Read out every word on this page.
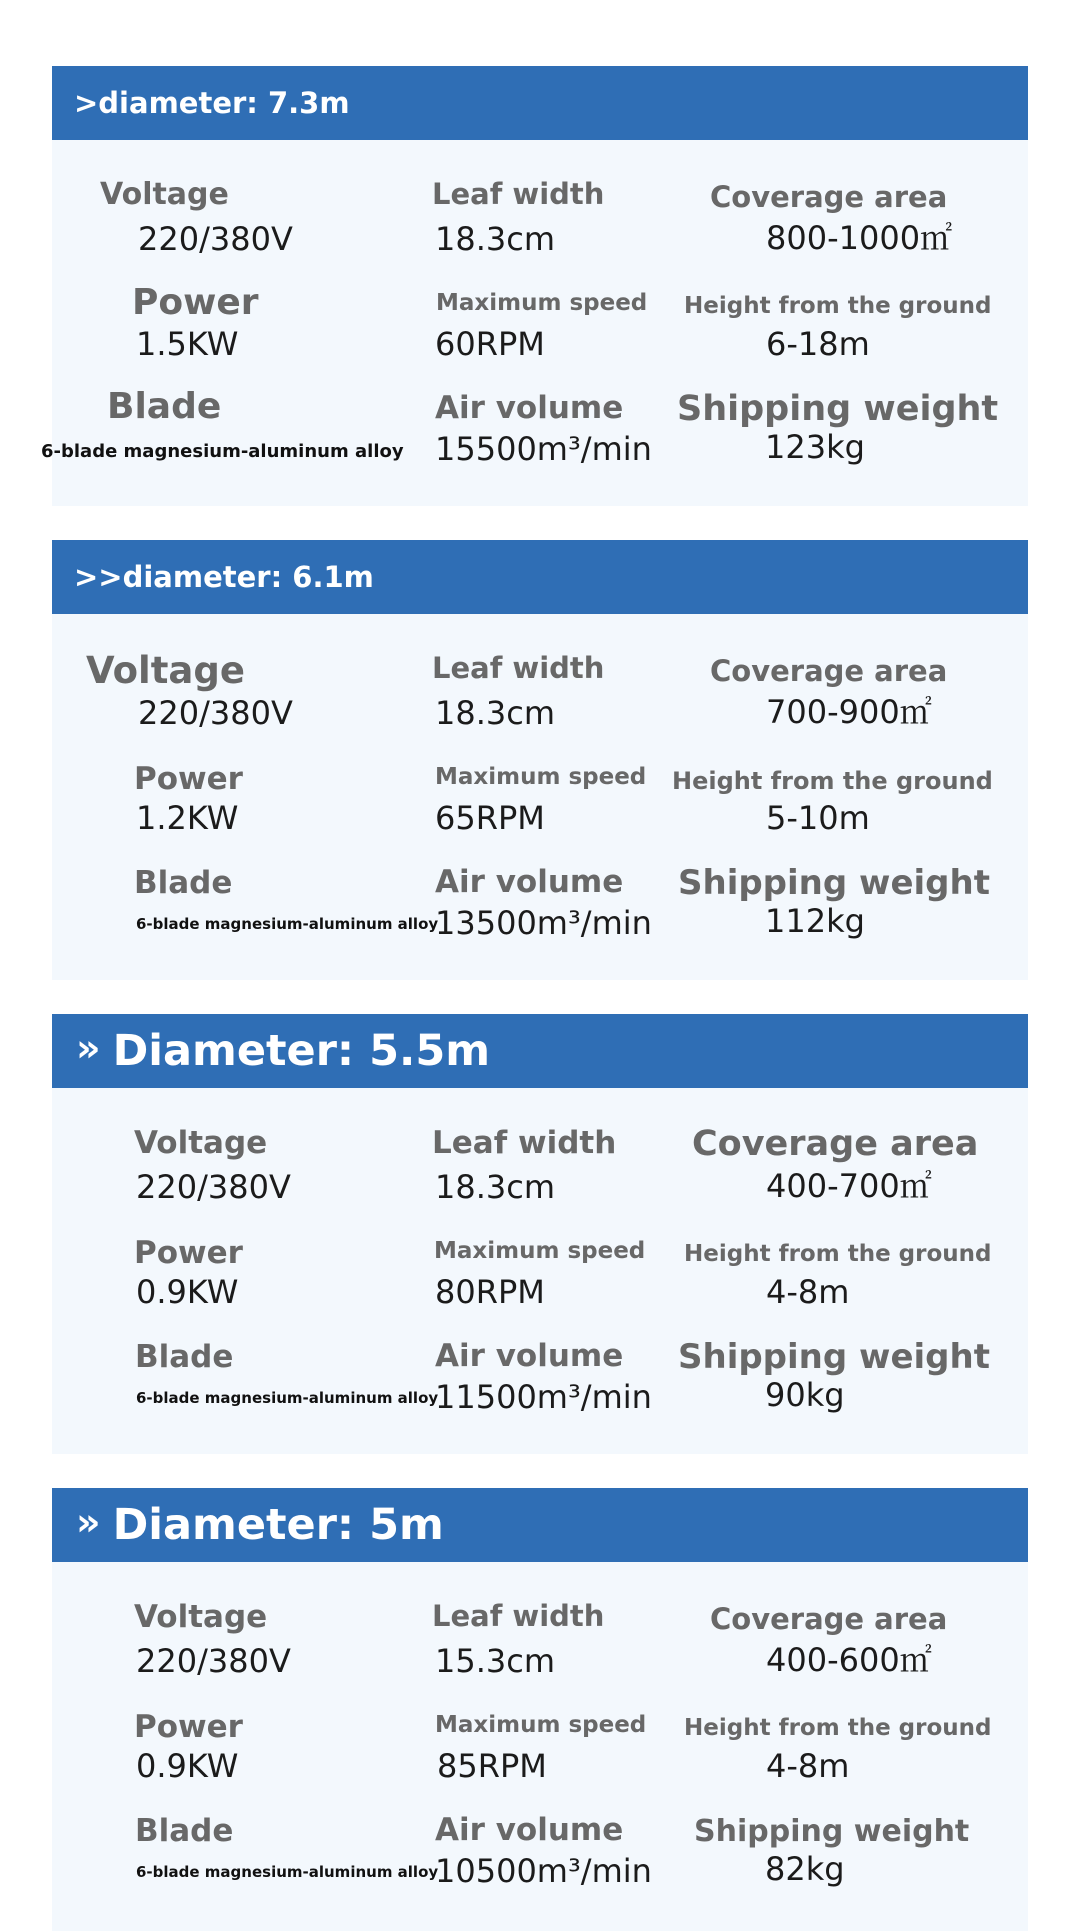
>diameter: 7.3m
Voltage
220/380V
Leaf width
18.3cm
Coverage area
800-1000㎡
Power
1.5KW
Maximum speed
60RPM
Height from the ground
6-18m
Blade
6-blade magnesium-aluminum alloy
Air volume
15500m³/min
Shipping weight
123kg
>>diameter: 6.1m
Voltage
220/380V
Leaf width
18.3cm
Coverage area
700-900㎡
Power
1.2KW
Maximum speed
65RPM
Height from the ground
5-10m
Blade
6-blade magnesium-aluminum alloy
Air volume
13500m³/min
Shipping weight
112kg
» Diameter: 5.5m
Voltage
220/380V
Leaf width
18.3cm
Coverage area
400-700㎡
Power
0.9KW
Maximum speed
80RPM
Height from the ground
4-8m
Blade
6-blade magnesium-aluminum alloy
Air volume
11500m³/min
Shipping weight
90kg
» Diameter: 5m
Voltage
220/380V
Leaf width
15.3cm
Coverage area
400-600㎡
Power
0.9KW
Maximum speed
85RPM
Height from the ground
4-8m
Blade
6-blade magnesium-aluminum alloy
Air volume
10500m³/min
Shipping weight
82kg
